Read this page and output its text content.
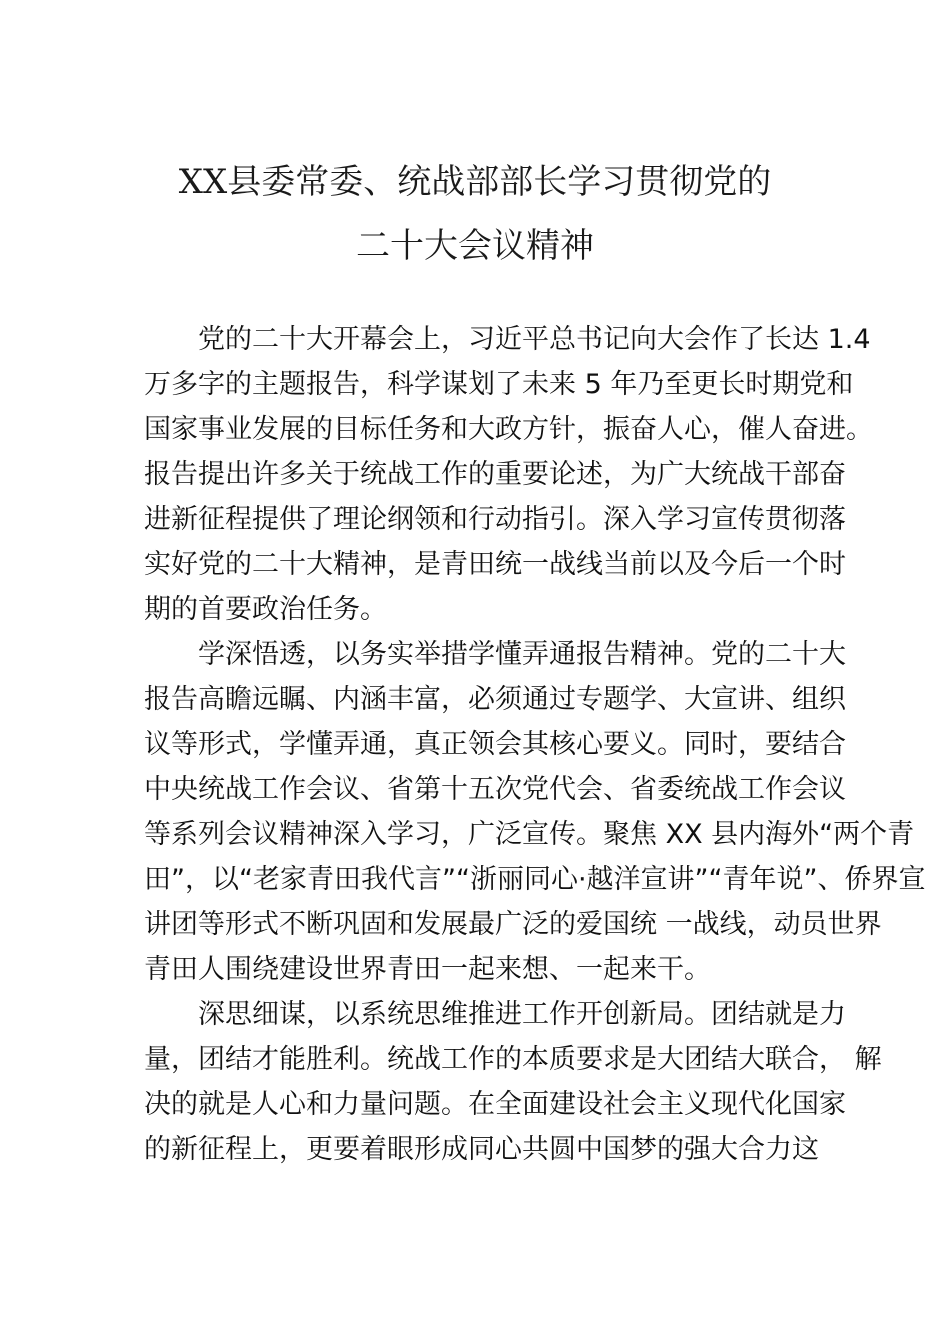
XX县委常委、统战部部长学习贯彻党的
二十大会议精神
党的二十大开幕会上，习近平总书记向大会作了长达 1.4
万多字的主题报告，科学谋划了未来 5 年乃至更长时期党和
国家事业发展的目标任务和大政方针，振奋人心，催人奋进。
报告提出许多关于统战工作的重要论述，为广大统战干部奋
进新征程提供了理论纲领和行动指引。深入学习宣传贯彻落
实好党的二十大精神，是青田统一战线当前以及今后一个时
期的首要政治任务。
学深悟透，以务实举措学懂弄通报告精神。党的二十大
报告高瞻远瞩、内涵丰富，必须通过专题学、大宣讲、组织
议等形式，学懂弄通，真正领会其核心要义。同时，要结合
中央统战工作会议、省第十五次党代会、省委统战工作会议
等系列会议精神深入学习，广泛宣传。聚焦 XX 县内海外“两个青
田”，以“老家青田我代言”“浙丽同心·越洋宣讲”“青年说”、侨界宣
讲团等形式不断巩固和发展最广泛的爱国统 一战线，动员世界
青田人围绕建设世界青田一起来想、一起来干。
深思细谋，以系统思维推进工作开创新局。团结就是力
量，团结才能胜利。统战工作的本质要求是大团结大联合， 解
决的就是人心和力量问题。在全面建设社会主义现代化国家
的新征程上，更要着眼形成同心共圆中国梦的强大合力这
